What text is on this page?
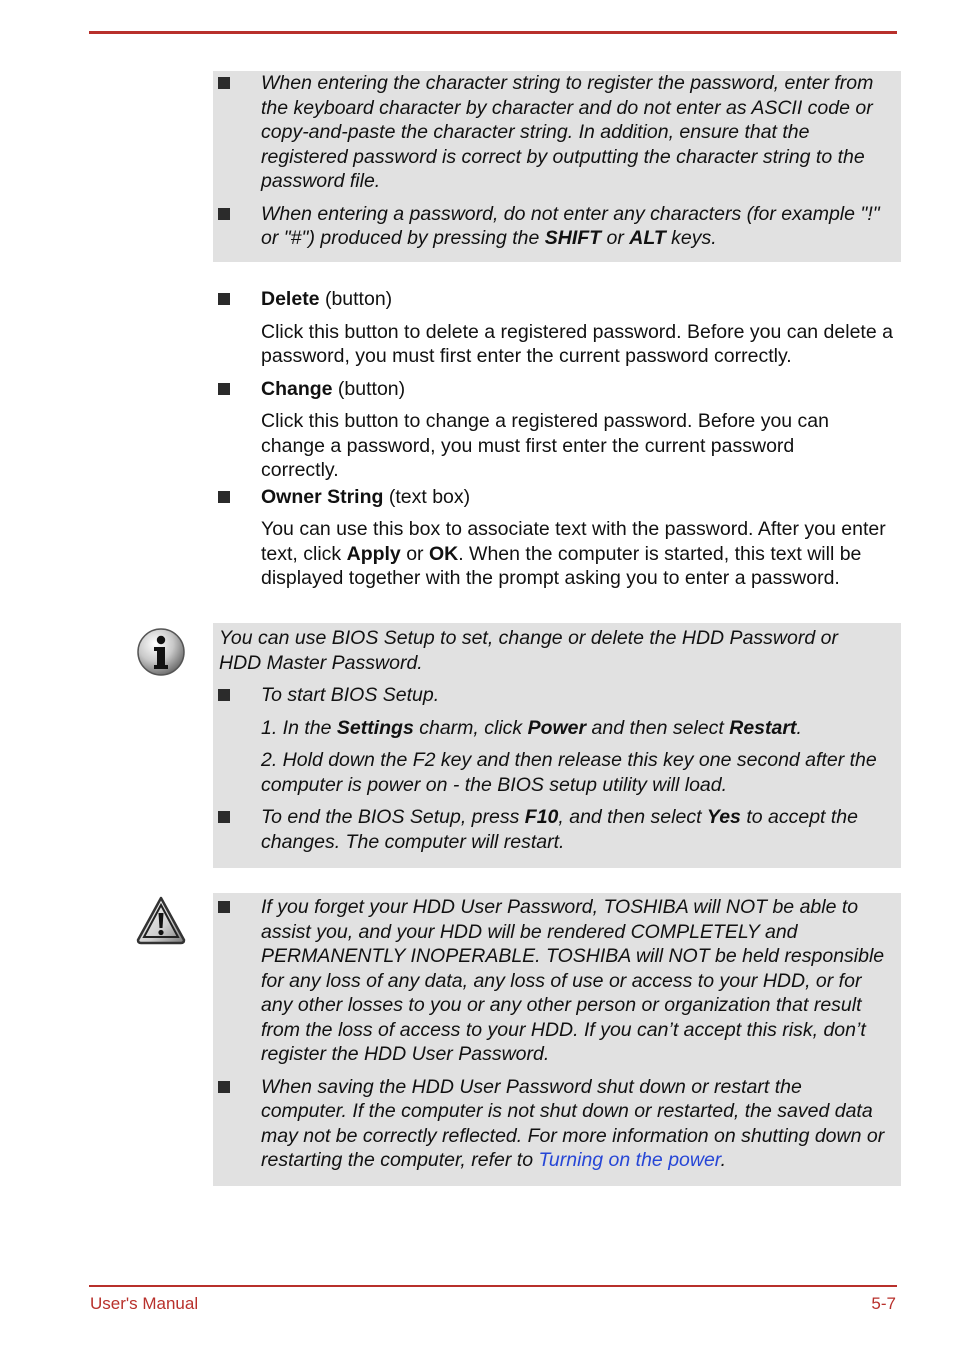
When entering the character string to register the password, enter from the keyboard character by character and do not enter as ASCII code or copy-and-paste the character string. In addition, ensure that the registered password is correct by outputting the character string to the password file.
When entering a password, do not enter any characters (for example "!" or "#") produced by pressing the SHIFT or ALT keys.
Delete (button)
Click this button to delete a registered password. Before you can delete a password, you must first enter the current password correctly.
Change (button)
Click this button to change a registered password. Before you can change a password, you must first enter the current password correctly.
Owner String (text box)
You can use this box to associate text with the password. After you enter text, click Apply or OK. When the computer is started, this text will be displayed together with the prompt asking you to enter a password.
You can use BIOS Setup to set, change or delete the HDD Password or HDD Master Password.
To start BIOS Setup.
1. In the Settings charm, click Power and then select Restart.
2. Hold down the F2 key and then release this key one second after the computer is power on - the BIOS setup utility will load.
To end the BIOS Setup, press F10, and then select Yes to accept the changes. The computer will restart.
If you forget your HDD User Password, TOSHIBA will NOT be able to assist you, and your HDD will be rendered COMPLETELY and PERMANENTLY INOPERABLE. TOSHIBA will NOT be held responsible for any loss of any data, any loss of use or access to your HDD, or for any other losses to you or any other person or organization that result from the loss of access to your HDD. If you can’t accept this risk, don’t register the HDD User Password.
When saving the HDD User Password shut down or restart the computer. If the computer is not shut down or restarted, the saved data may not be correctly reflected. For more information on shutting down or restarting the computer, refer to Turning on the power.
User's Manual	5-7
